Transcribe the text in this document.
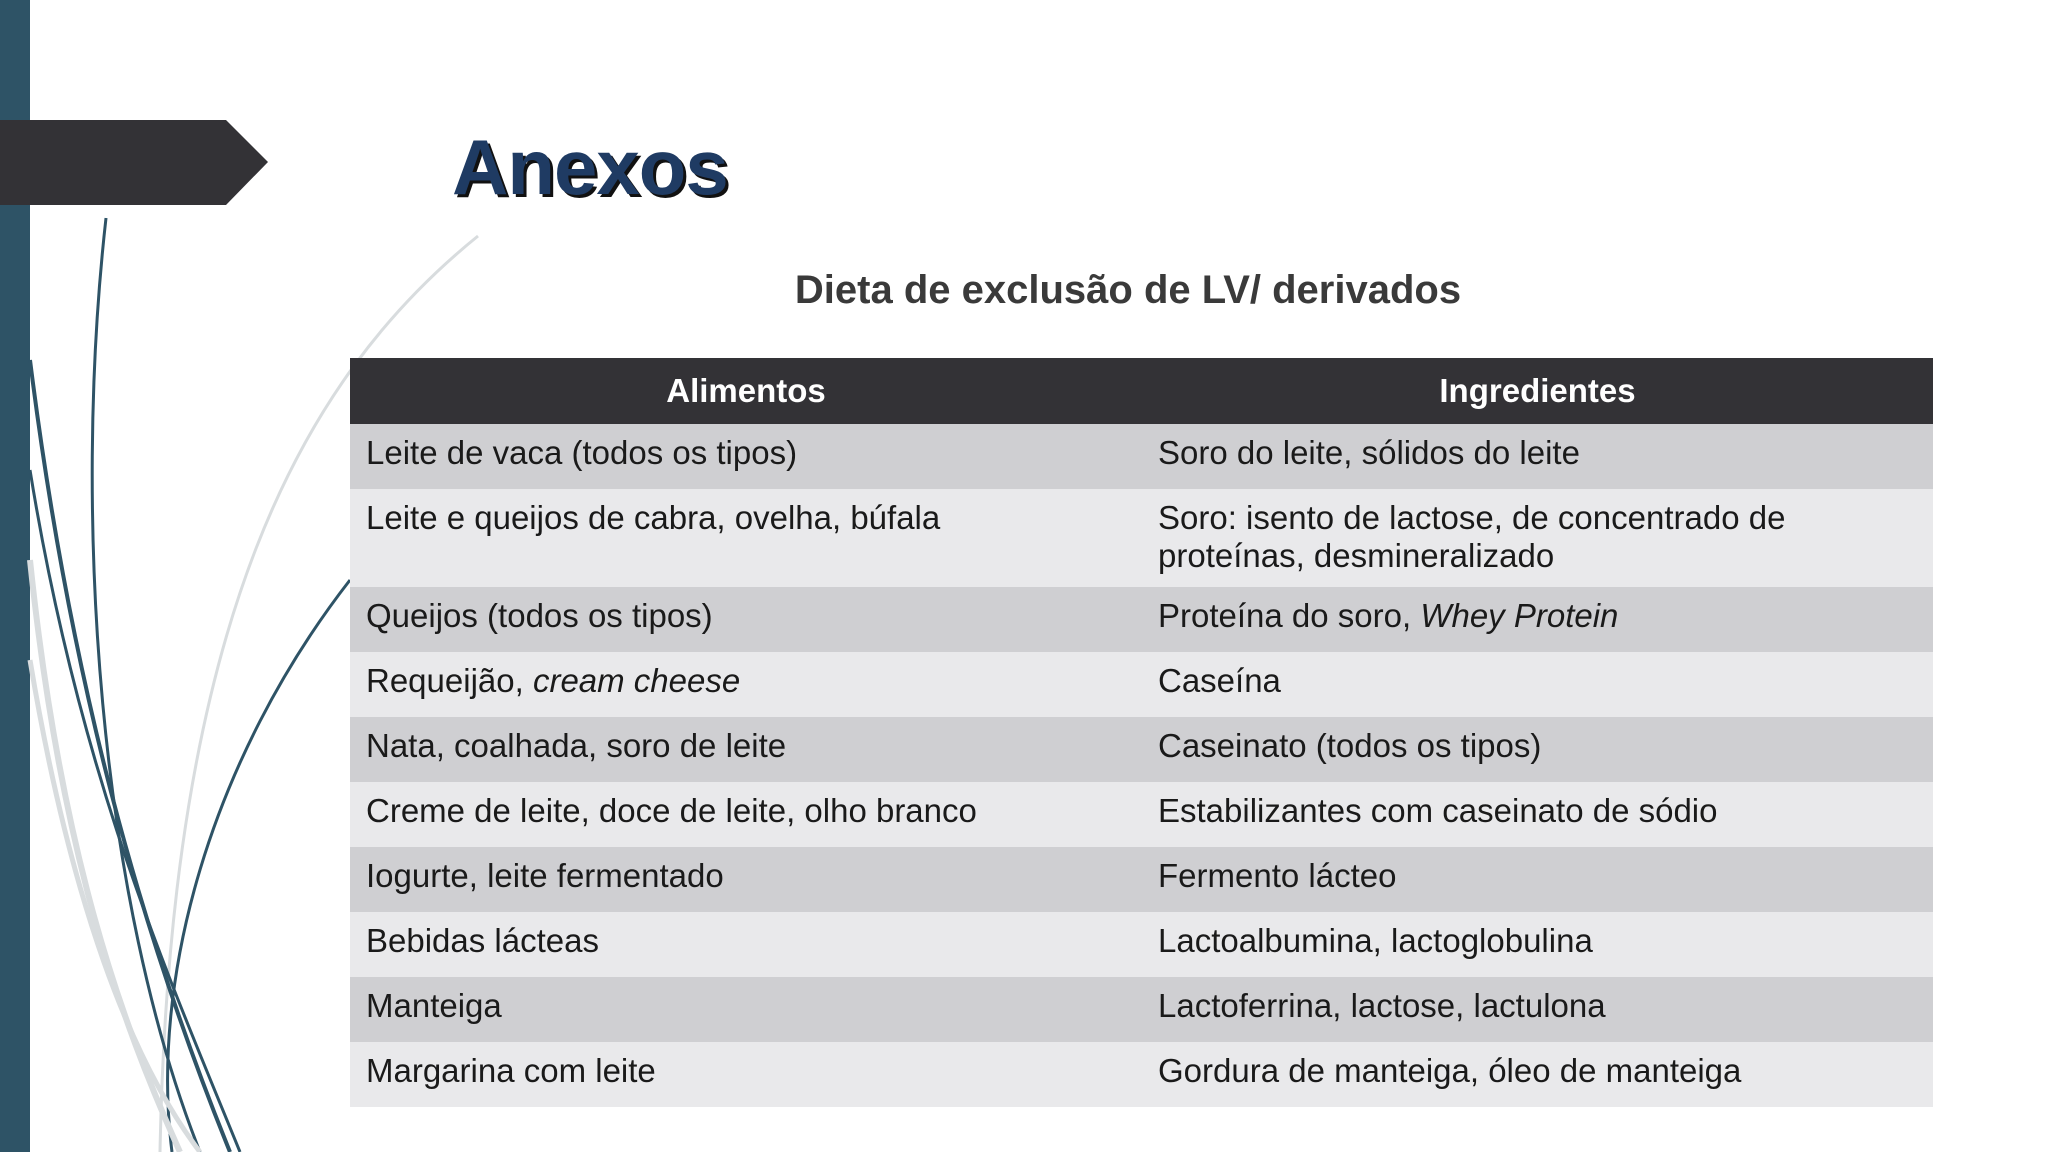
Anexos
Dieta de exclusão de LV/ derivados
Alimentos	Ingredientes
Leite de vaca (todos os tipos)	Soro do leite, sólidos do leite
Leite e queijos de cabra, ovelha, búfala	Soro: isento de lactose, de concentrado de proteínas, desmineralizado
Queijos (todos os tipos)	Proteína do soro, Whey Protein
Requeijão, cream cheese	Caseína
Nata, coalhada, soro de leite	Caseinato (todos os tipos)
Creme de leite, doce de leite, olho branco	Estabilizantes com caseinato de sódio
Iogurte, leite fermentado	Fermento lácteo
Bebidas lácteas	Lactoalbumina, lactoglobulina
Manteiga	Lactoferrina, lactose, lactulona
Margarina com leite	Gordura de manteiga, óleo de manteiga
